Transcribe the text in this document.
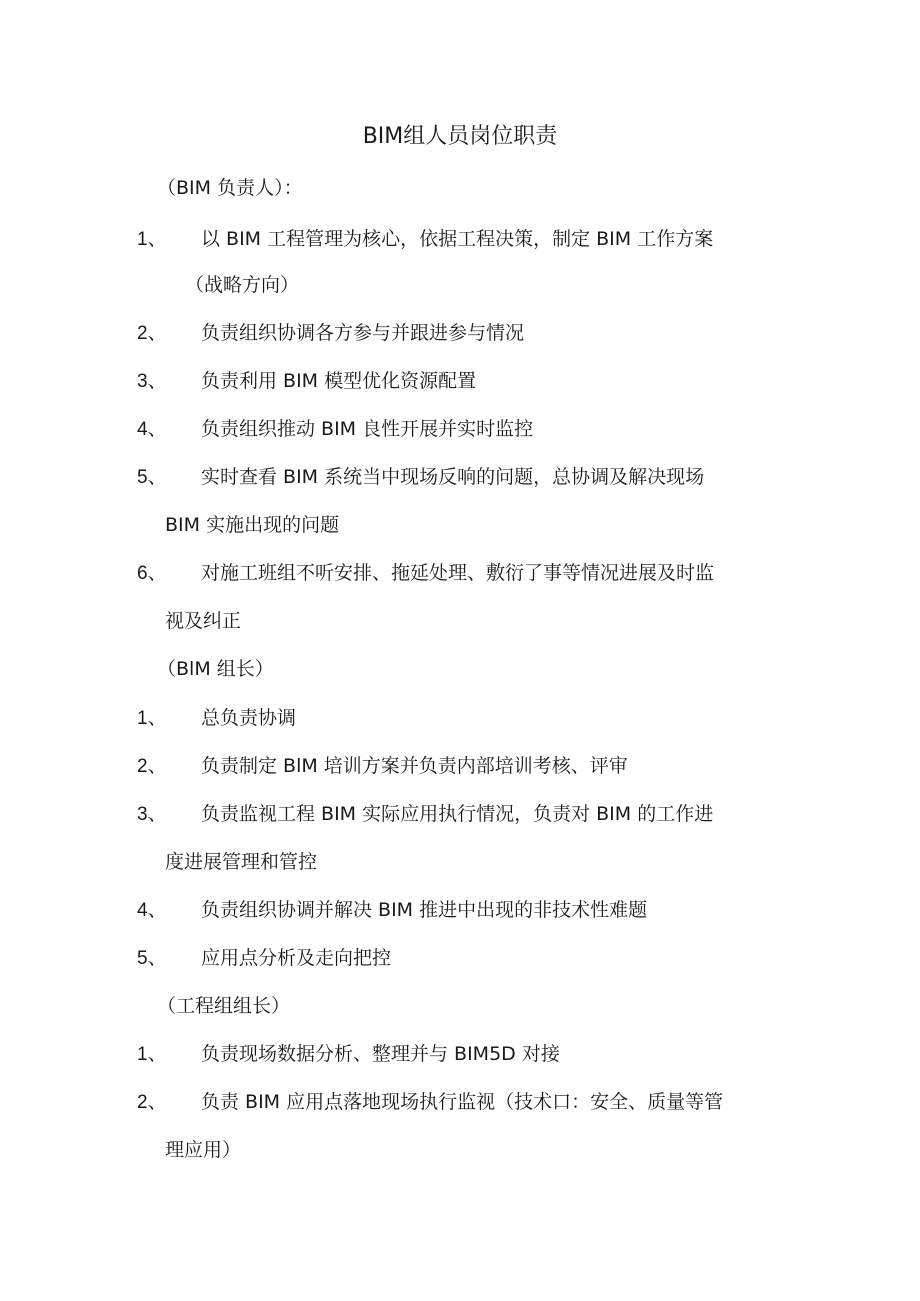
BIM组人员岗位职责
（BIM 负责人）：
1、 以 BIM 工程管理为核心，依据工程决策，制定 BIM 工作方案
（战略方向）
2、 负责组织协调各方参与并跟进参与情况
3、 负责利用 BIM 模型优化资源配置
4、 负责组织推动 BIM 良性开展并实时监控
5、 实时查看 BIM 系统当中现场反响的问题，总协调及解决现场
BIM 实施出现的问题
6、 对施工班组不听安排、拖延处理、敷衍了事等情况进展及时监
视及纠正
（BlM 组长）
1、 总负责协调
2、 负责制定 BlM 培训方案并负责内部培训考核、评审
3、 负责监视工程 BIM 实际应用执行情况，负责对 BIM 的工作进
度进展管理和管控
4、 负责组织协调并解决 BIM 推进中出现的非技术性难题
5、 应用点分析及走向把控
（工程组组长）
1、 负责现场数据分析、整理并与 BIM5D 对接
2、 负责 BIM 应用点落地现场执行监视（技术口：安全、质量等管
理应用）
